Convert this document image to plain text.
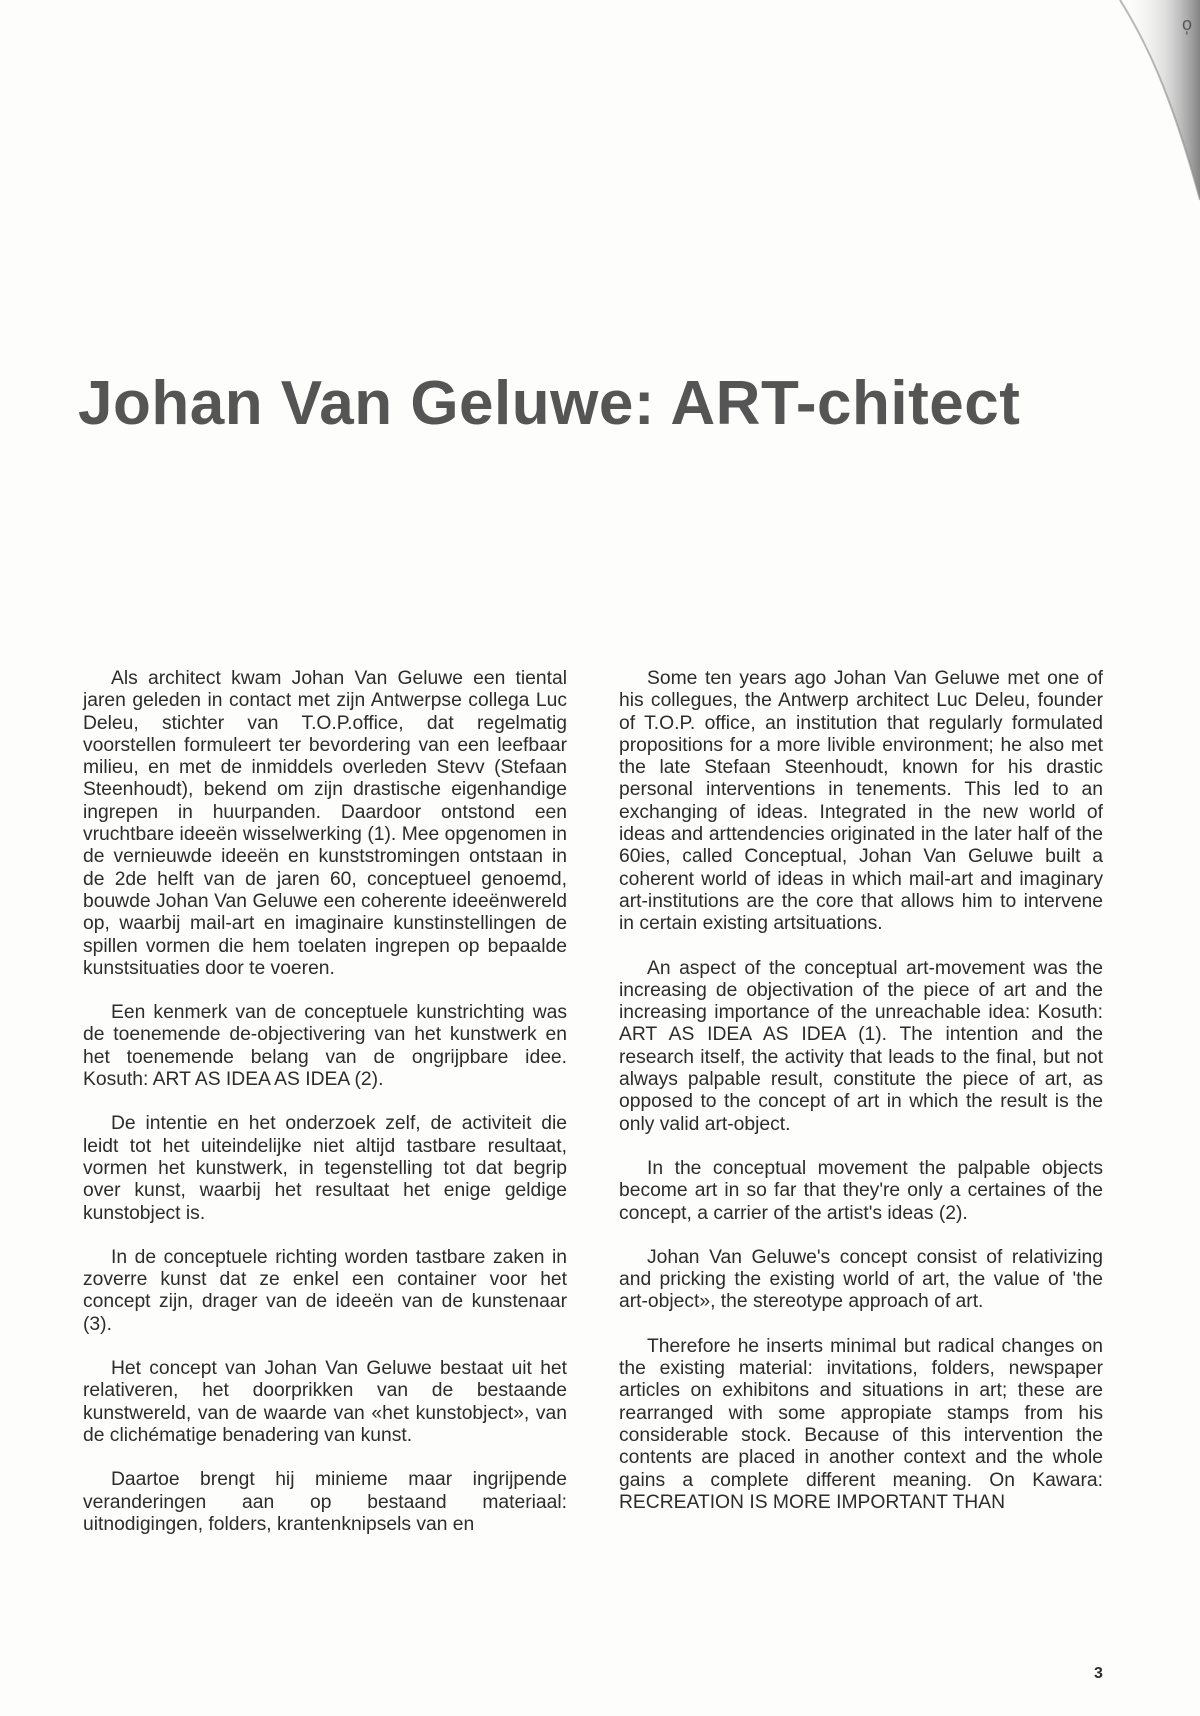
o̩
Johan Van Geluwe: ART-chitect

Als architect kwam Johan Van Geluwe een tiental jaren geleden in contact met zijn Antwerpse collega Luc Deleu, stichter van T.O.P.office, dat regelmatig voorstellen formuleert ter bevordering van een leefbaar milieu, en met de inmiddels overleden Stevv (Stefaan Steenhoudt), bekend om zijn drastische eigenhandige ingrepen in huurpanden. Daardoor ontstond een vruchtbare ideeën wisselwerking (1). Mee opgenomen in de vernieuwde ideeën en kunststromingen ontstaan in de 2de helft van de jaren 60, conceptueel genoemd, bouwde Johan Van Geluwe een coherente ideeënwereld op, waarbij mail-art en imaginaire kunstinstellingen de spillen vormen die hem toelaten ingrepen op bepaalde kunstsituaties door te voeren.

Een kenmerk van de conceptuele kunstrichting was de toenemende de-objectivering van het kunstwerk en het toenemende belang van de ongrijpbare idee. Kosuth: ART AS IDEA AS IDEA (2).

De intentie en het onderzoek zelf, de activiteit die leidt tot het uiteindelijke niet altijd tastbare resultaat, vormen het kunstwerk, in tegenstelling tot dat begrip over kunst, waarbij het resultaat het enige geldige kunstobject is.

In de conceptuele richting worden tastbare zaken in zoverre kunst dat ze enkel een container voor het concept zijn, drager van de ideeën van de kunstenaar (3).

Het concept van Johan Van Geluwe bestaat uit het relativeren, het doorprikken van de bestaande kunstwereld, van de waarde van «het kunstobject», van de clichématige benadering van kunst.

Daartoe brengt hij minieme maar ingrijpende veranderingen aan op bestaand materiaal: uitnodigingen, folders, krantenknipsels van en

Some ten years ago Johan Van Geluwe met one of his collegues, the Antwerp architect Luc Deleu, founder of T.O.P. office, an institution that regularly formulated propositions for a more livible environment; he also met the late Stefaan Steenhoudt, known for his drastic personal interventions in tenements. This led to an exchanging of ideas. Integrated in the new world of ideas and arttendencies originated in the later half of the 60ies, called Conceptual, Johan Van Geluwe built a coherent world of ideas in which mail-art and imaginary art-institutions are the core that allows him to intervene in certain existing artsituations.

An aspect of the conceptual art-movement was the increasing de objectivation of the piece of art and the increasing importance of the unreachable idea: Kosuth: ART AS IDEA AS IDEA (1). The intention and the research itself, the activity that leads to the final, but not always palpable result, constitute the piece of art, as opposed to the concept of art in which the result is the only valid art-object.

In the conceptual movement the palpable objects become art in so far that they're only a certaines of the concept, a carrier of the artist's ideas (2).

Johan Van Geluwe's concept consist of relativizing and pricking the existing world of art, the value of 'the art-object», the stereotype approach of art.

Therefore he inserts minimal but radical changes on the existing material: invitations, folders, newspaper articles on exhibitons and situations in art; these are rearranged with some appropiate stamps from his considerable stock. Because of this intervention the contents are placed in another context and the whole gains a complete different meaning. On Kawara: RECREATION IS MORE IMPORTANT THAN

3
